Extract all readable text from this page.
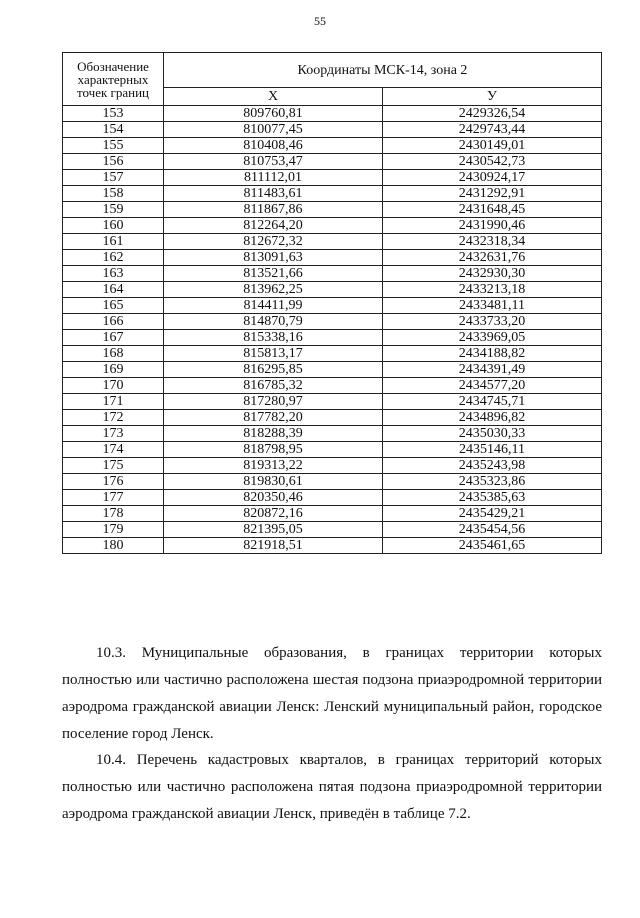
55
Обозначение характерных точек границ	Координаты МСК-14, зона 2	
	X	У
153	809760,81	2429326,54
154	810077,45	2429743,44
155	810408,46	2430149,01
156	810753,47	2430542,73
157	811112,01	2430924,17
158	811483,61	2431292,91
159	811867,86	2431648,45
160	812264,20	2431990,46
161	812672,32	2432318,34
162	813091,63	2432631,76
163	813521,66	2432930,30
164	813962,25	2433213,18
165	814411,99	2433481,11
166	814870,79	2433733,20
167	815338,16	2433969,05
168	815813,17	2434188,82
169	816295,85	2434391,49
170	816785,32	2434577,20
171	817280,97	2434745,71
172	817782,20	2434896,82
173	818288,39	2435030,33
174	818798,95	2435146,11
175	819313,22	2435243,98
176	819830,61	2435323,86
177	820350,46	2435385,63
178	820872,16	2435429,21
179	821395,05	2435454,56
180	821918,51	2435461,65

10.3. Муниципальные образования, в границах территории которых полностью или частично расположена шестая подзона приаэродромной территории аэродрома гражданской авиации Ленск: Ленский муниципальный район, городское поселение город Ленск.

10.4. Перечень кадастровых кварталов, в границах территорий которых полностью или частично расположена пятая подзона приаэродромной территории аэродрома гражданской авиации Ленск, приведён в таблице 7.2.
